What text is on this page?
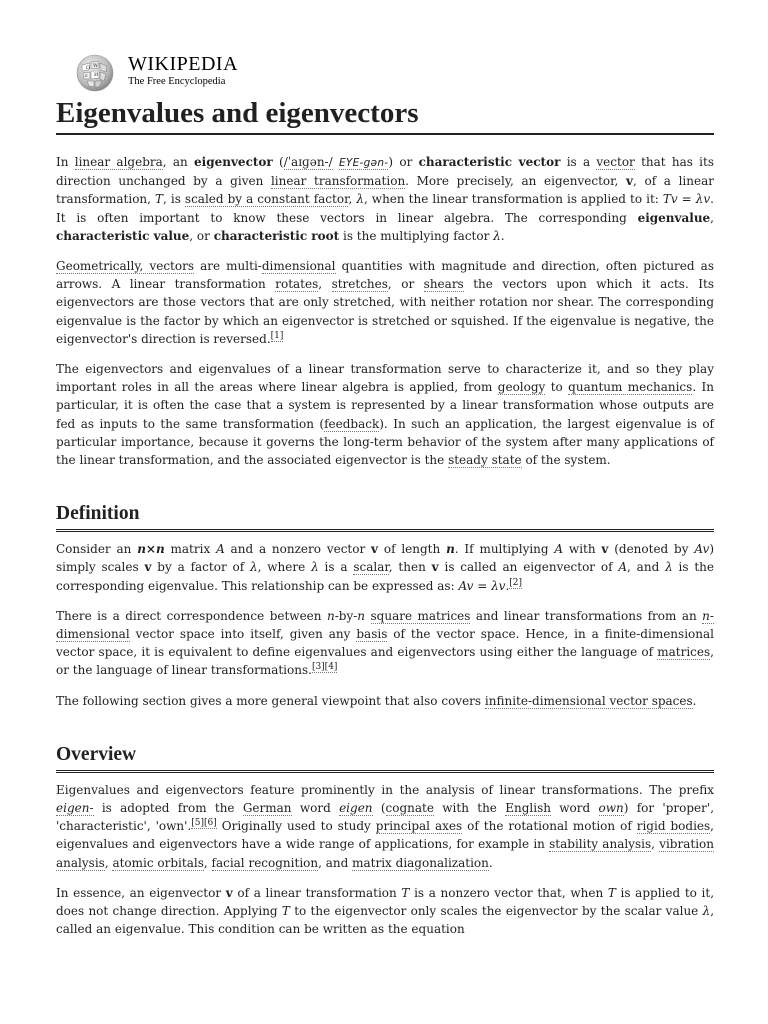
Ω W
И
ε
WIKIPEDIA
The Free Encyclopedia
Eigenvalues and eigenvectors

In linear algebra, an eigenvector (/ˈaɪɡən-/ EYE-gən-) or characteristic vector is a vector that has its direction unchanged by a given linear transformation. More precisely, an eigenvector, v, of a linear transformation, T, is scaled by a constant factor, λ, when the linear transformation is applied to it: Tv = λv. It is often important to know these vectors in linear algebra. The corresponding eigenvalue, characteristic value, or characteristic root is the multiplying factor λ.

Geometrically, vectors are multi-dimensional quantities with magnitude and direction, often pictured as arrows. A linear transformation rotates, stretches, or shears the vectors upon which it acts. Its eigenvectors are those vectors that are only stretched, with neither rotation nor shear. The corresponding eigenvalue is the factor by which an eigenvector is stretched or squished. If the eigenvalue is negative, the eigenvector's direction is reversed.[1]

The eigenvectors and eigenvalues of a linear transformation serve to characterize it, and so they play important roles in all the areas where linear algebra is applied, from geology to quantum mechanics. In particular, it is often the case that a system is represented by a linear transformation whose outputs are fed as inputs to the same transformation (feedback). In such an application, the largest eigenvalue is of particular importance, because it governs the long-term behavior of the system after many applications of the linear transformation, and the associated eigenvector is the steady state of the system.

Definition

Consider an n×n matrix A and a nonzero vector v of length n. If multiplying A with v (denoted by Av) simply scales v by a factor of λ, where λ is a scalar, then v is called an eigenvector of A, and λ is the corresponding eigenvalue. This relationship can be expressed as: Av = λv.[2]

There is a direct correspondence between n-by-n square matrices and linear transformations from an n-dimensional vector space into itself, given any basis of the vector space. Hence, in a finite-dimensional vector space, it is equivalent to define eigenvalues and eigenvectors using either the language of matrices, or the language of linear transformations.[3][4]

The following section gives a more general viewpoint that also covers infinite-dimensional vector spaces.

Overview

Eigenvalues and eigenvectors feature prominently in the analysis of linear transformations. The prefix eigen- is adopted from the German word eigen (cognate with the English word own) for 'proper', 'characteristic', 'own'.[5][6] Originally used to study principal axes of the rotational motion of rigid bodies, eigenvalues and eigenvectors have a wide range of applications, for example in stability analysis, vibration analysis, atomic orbitals, facial recognition, and matrix diagonalization.

In essence, an eigenvector v of a linear transformation T is a nonzero vector that, when T is applied to it, does not change direction. Applying T to the eigenvector only scales the eigenvector by the scalar value λ, called an eigenvalue. This condition can be written as the equation
